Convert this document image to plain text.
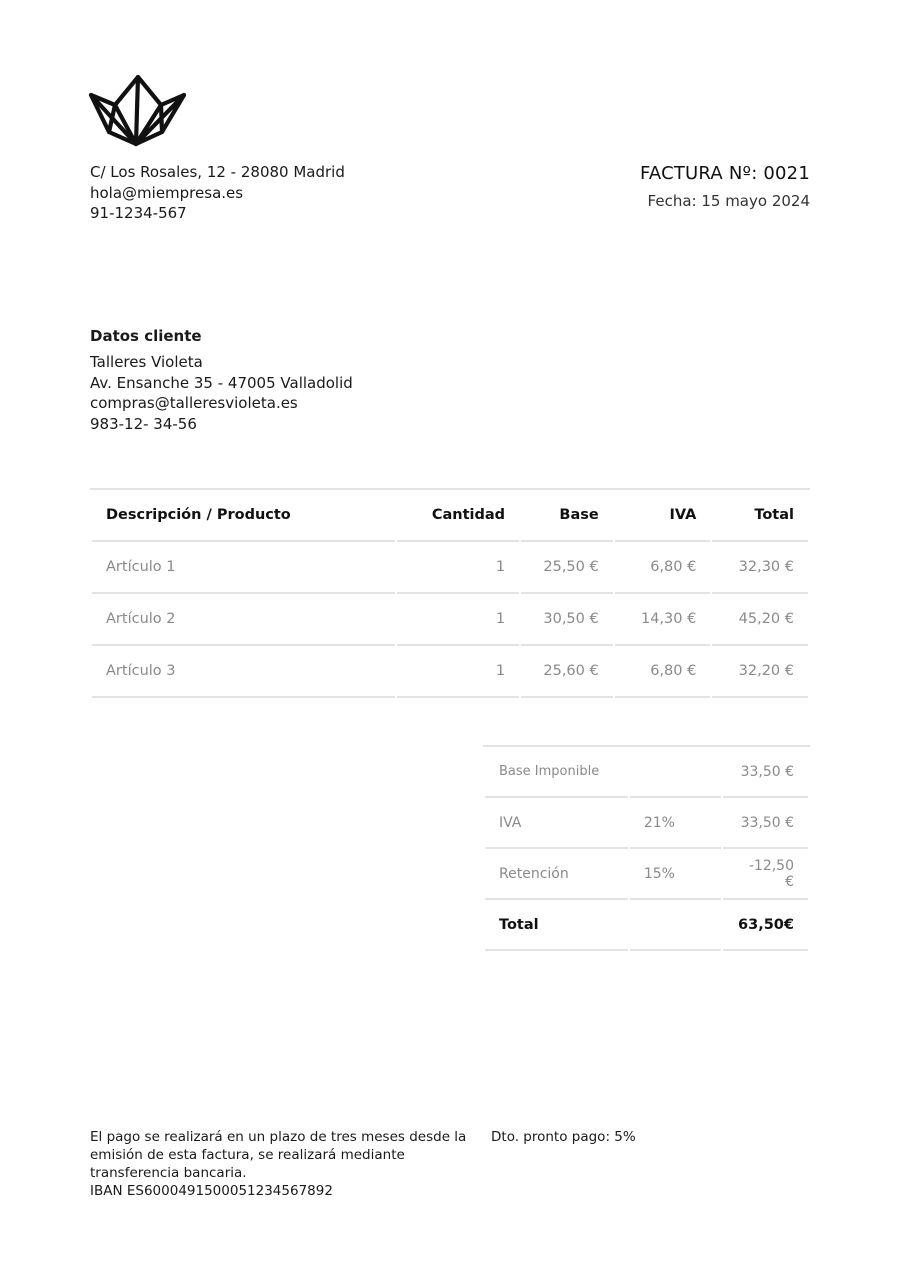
C/ Los Rosales, 12 - 28080 Madrid
hola@miempresa.es
91-1234-567
FACTURA Nº: 0021
Fecha: 15 mayo 2024
Datos cliente
Talleres Violeta
Av. Ensanche 35 - 47005 Valladolid
compras@talleresvioleta.es
983-12- 34-56
Descripción / Producto	Cantidad	Base	IVA	Total
Artículo 1	1	25,50 €	6,80 €	32,30 €
Artículo 2	1	30,50 €	14,30 €	45,20 €
Artículo 3	1	25,60 €	6,80 €	32,20 €
Base Imponible		33,50 €
IVA	21%	33,50 €
Retención	15%	-12,50 €
Total		63,50€
El pago se realizará en un plazo de tres meses desde la
emisión de esta factura, se realizará mediante
transferencia bancaria.
IBAN ES6000491500051234567892
Dto. pronto pago: 5%
